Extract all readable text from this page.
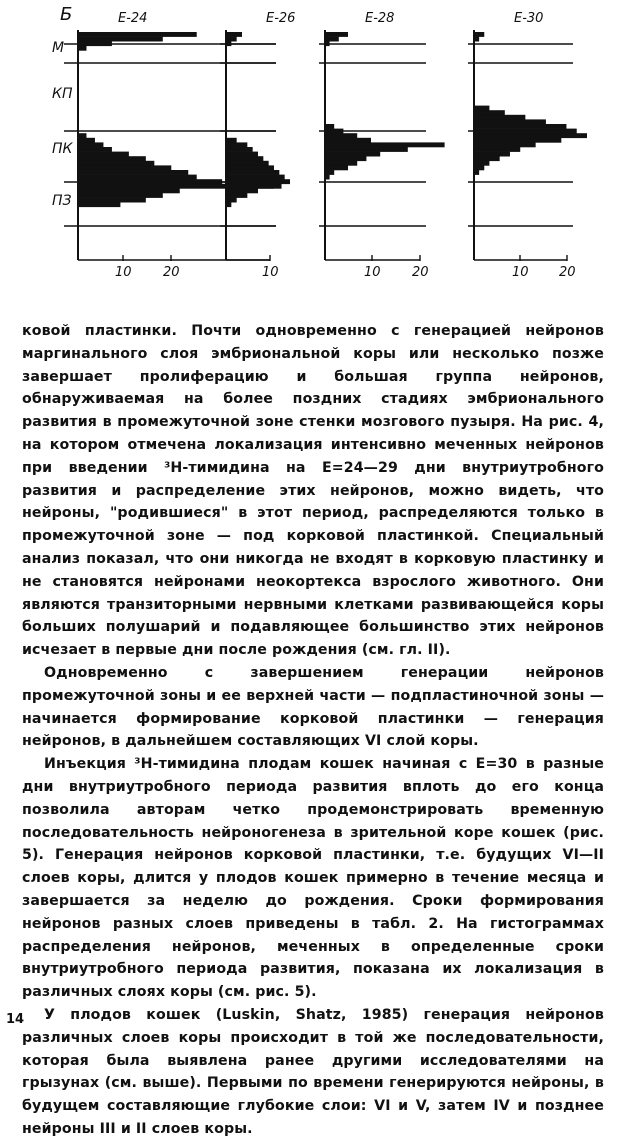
Б
М
КП
ПК
ПЗ
Е-24
10 20
Е-26
10
Е-28
10 20
Е-30
10 20

ковой пластинки. Почти одновременно с генерацией нейронов маргинального слоя эмбриональной коры или несколько позже завершает пролиферацию и большая группа нейронов, обнаруживаемая на более поздних стадиях эмбрионального развития в промежуточной зоне стенки мозгового пузыря. На рис. 4, на котором отмечена локализация интенсивно меченных нейронов при введении ³Н-тимидина на Е=24—29 дни внутриутробного развития и распределение этих нейронов, можно видеть, что нейроны, "родившиеся" в этот период, распределяются только в промежуточной зоне — под корковой пластинкой. Специальный анализ показал, что они никогда не входят в корковую пластинку и не становятся нейронами неокортекса взрослого животного. Они являются транзиторными нервными клетками развивающейся коры больших полушарий и подавляющее большинство этих нейронов исчезает в первые дни после рождения (см. гл. II).

Одновременно с завершением генерации нейронов промежуточной зоны и ее верхней части — подпластиночной зоны — начинается формирование корковой пластинки — генерация нейронов, в дальнейшем составляющих VI слой коры.

Инъекция ³Н-тимидина плодам кошек начиная с Е=30 в разные дни внутриутробного периода развития вплоть до его конца позволила авторам четко продемонстрировать временную последовательность нейроногенеза в зрительной коре кошек (рис. 5). Генерация нейронов корковой пластинки, т.е. будущих VI—II слоев коры, длится у плодов кошек примерно в течение месяца и завершается за неделю до рождения. Сроки формирования нейронов разных слоев приведены в табл. 2. На гистограммах распределения нейронов, меченных в определенные сроки внутриутробного периода развития, показана их локализация в различных слоях коры (см. рис. 5).

У плодов кошек (Luskin, Shatz, 1985) генерация нейронов различных слоев коры происходит в той же последовательности, которая была выявлена ранее другими исследователями на грызунах (см. выше). Первыми по времени генерируются нейроны, в будущем составляющие глубокие слои: VI и V, затем IV и позднее нейроны III и II слоев коры.

14
